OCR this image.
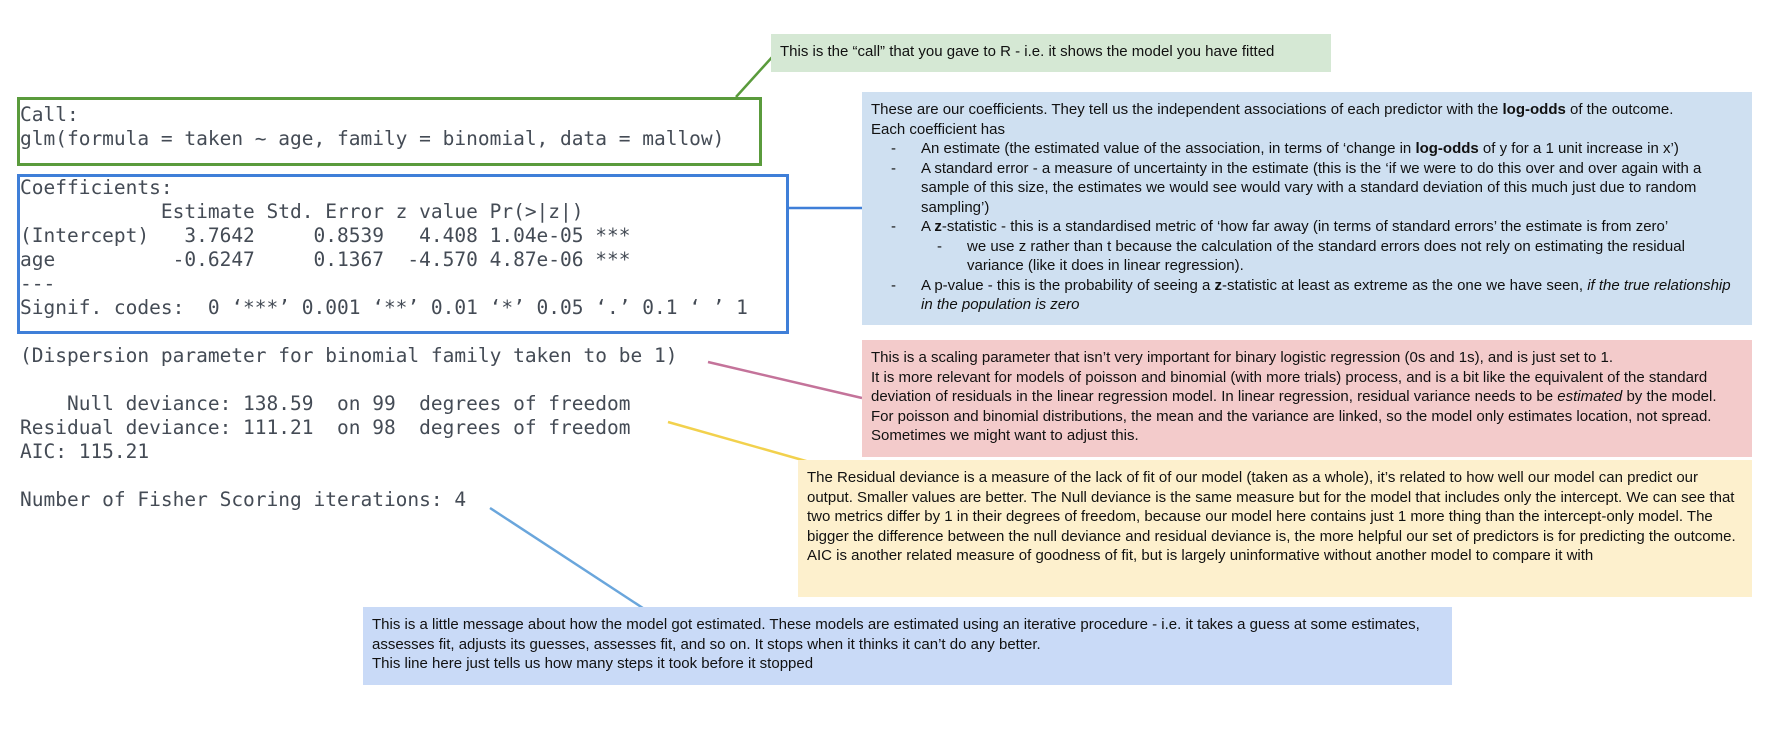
Call:
glm(formula = taken ~ age, family = binomial, data = mallow)
Coefficients:
Estimate Std. Error z value Pr(>|z|)
(Intercept)   3.7642     0.8539   4.408 1.04e-05 ***
age          -0.6247     0.1367  -4.570 4.87e-06 ***
---
Signif. codes:  0 ‘***’ 0.001 ‘**’ 0.01 ‘*’ 0.05 ‘.’ 0.1 ‘ ’ 1
(Dispersion parameter for binomial family taken to be 1)
Null deviance: 138.59  on 99  degrees of freedom
Residual deviance: 111.21  on 98  degrees of freedom
AIC: 115.21
Number of Fisher Scoring iterations: 4

This is the “call” that you gave to R - i.e. it shows the model you have fitted

These are our coefficients. They tell us the independent associations of each predictor with the log-odds of the outcome.

Each coefficient has

- An estimate (the estimated value of the association, in terms of ‘change in log-odds of y for a 1 unit increase in x’)
- A standard error - a measure of uncertainty in the estimate (this is the ‘if we were to do this over and over again with a sample of this size, the estimates we would see would vary with a standard deviation of this much just due to random sampling’)
- A z-statistic - this is a standardised metric of ‘how far away (in terms of standard errors’ the estimate is from zero’
- we use z rather than t because the calculation of the standard errors does not rely on estimating the residual variance (like it does in linear regression).
- A p-value - this is the probability of seeing a z-statistic at least as extreme as the one we have seen, if the true relationship in the population is zero

This is a scaling parameter that isn’t very important for binary logistic regression (0s and 1s), and is just set to 1.

It is more relevant for models of poisson and binomial (with more trials) process, and is a bit like the equivalent of the standard deviation of residuals in the linear regression model. In linear regression, residual variance needs to be estimated by the model. For poisson and binomial distributions, the mean and the variance are linked, so the model only estimates location, not spread. Sometimes we might want to adjust this.

The Residual deviance is a measure of the lack of fit of our model (taken as a whole), it’s related to how well our model can predict our output. Smaller values are better. The Null deviance is the same measure but for the model that includes only the intercept. We can see that two metrics differ by 1 in their degrees of freedom, because our model here contains just 1 more thing than the intercept-only model. The bigger the difference between the null deviance and residual deviance is, the more helpful our set of predictors is for predicting the outcome.

AIC is another related measure of goodness of fit, but is largely uninformative without another model to compare it with

This is a little message about how the model got estimated. These models are estimated using an iterative procedure - i.e. it takes a guess at some estimates, assesses fit, adjusts its guesses, assesses fit, and so on. It stops when it thinks it can’t do any better.

This line here just tells us how many steps it took before it stopped
